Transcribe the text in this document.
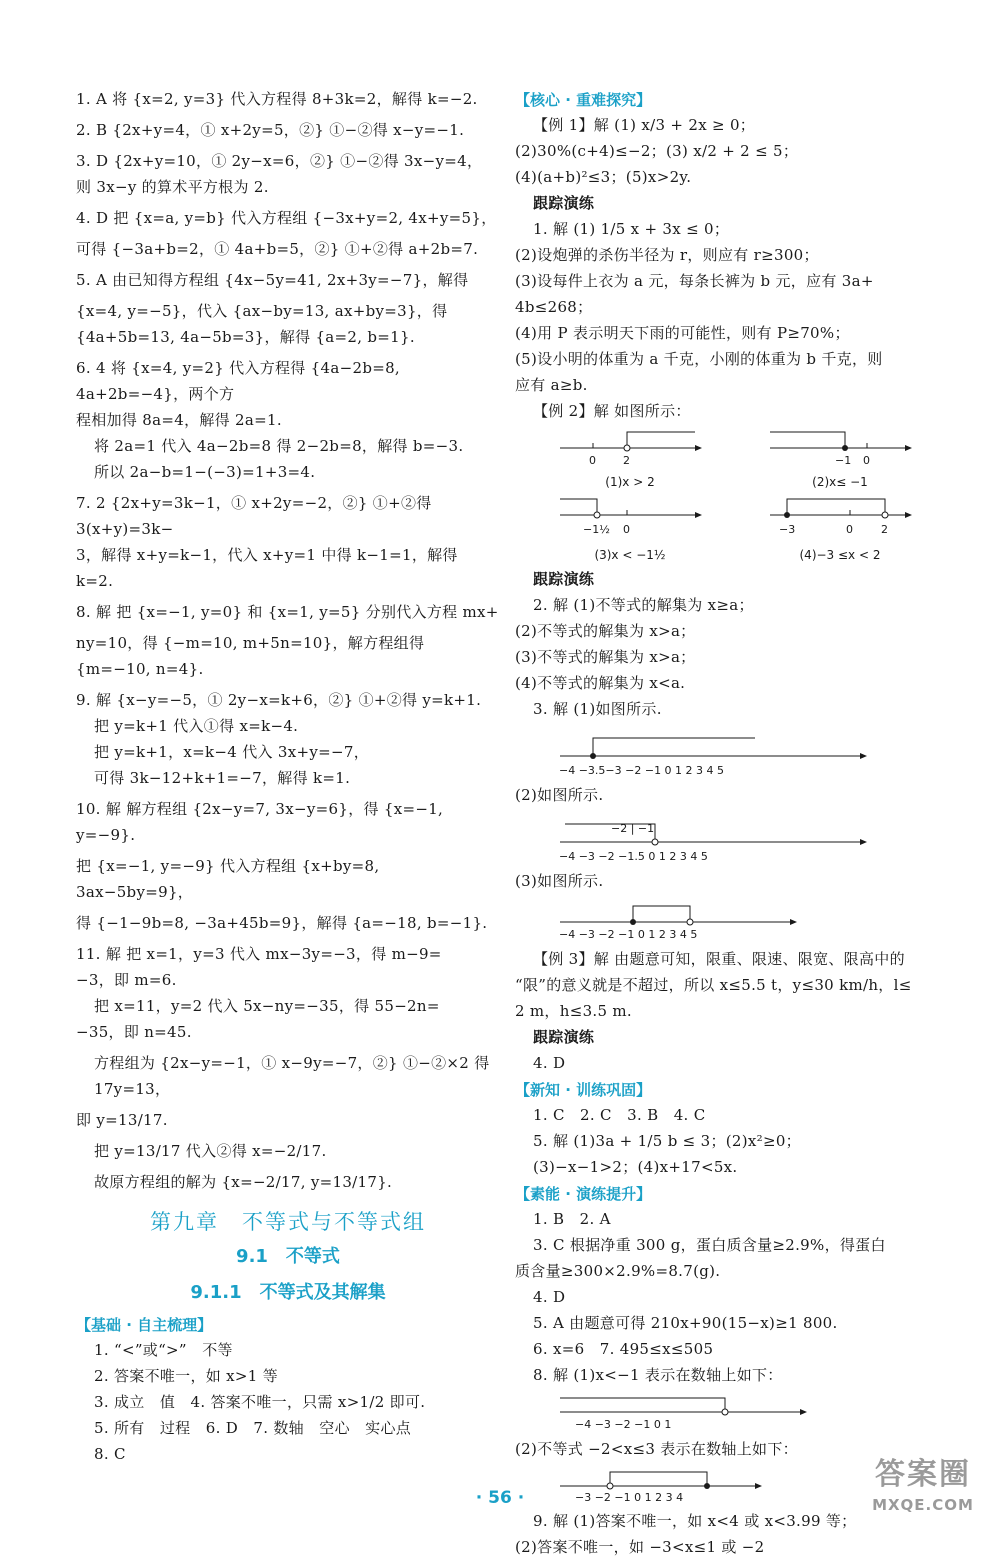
1. A 将 {x=2, y=3} 代入方程得 8+3k=2，解得 k=−2.
2. B {2x+y=4，① x+2y=5，②} ①−②得 x−y=−1.
3. D {2x+y=10，① 2y−x=6，②} ①−②得 3x−y=4，
则 3x−y 的算术平方根为 2.
4. D 把 {x=a, y=b} 代入方程组 {−3x+y=2, 4x+y=5}，
可得 {−3a+b=2，① 4a+b=5，②} ①+②得 a+2b=7.
5. A 由已知得方程组 {4x−5y=41, 2x+3y=−7}，解得
{x=4, y=−5}，代入 {ax−by=13, ax+by=3}，得 {4a+5b=13, 4a−5b=3}，解得 {a=2, b=1}.
6. 4 将 {x=4, y=2} 代入方程得 {4a−2b=8, 4a+2b=−4}，两个方
程相加得 8a=4，解得 2a=1.
将 2a=1 代入 4a−2b=8 得 2−2b=8，解得 b=−3.
所以 2a−b=1−(−3)=1+3=4.
7. 2 {2x+y=3k−1，① x+2y=−2，②} ①+②得 3(x+y)=3k−
3，解得 x+y=k−1，代入 x+y=1 中得 k−1=1，解得
k=2.
8. 解 把 {x=−1, y=0} 和 {x=1, y=5} 分别代入方程 mx+
ny=10，得 {−m=10, m+5n=10}，解方程组得 {m=−10, n=4}.
9. 解 {x−y=−5，① 2y−x=k+6，②} ①+②得 y=k+1.
把 y=k+1 代入①得 x=k−4.
把 y=k+1，x=k−4 代入 3x+y=−7，
可得 3k−12+k+1=−7，解得 k=1.
10. 解 解方程组 {2x−y=7, 3x−y=6}，得 {x=−1, y=−9}.
把 {x=−1, y=−9} 代入方程组 {x+by=8, 3ax−5by=9}，
得 {−1−9b=8, −3a+45b=9}，解得 {a=−18, b=−1}.
11. 解 把 x=1，y=3 代入 mx−3y=−3，得 m−9=
−3，即 m=6.
把 x=11，y=2 代入 5x−ny=−35，得 55−2n=
−35，即 n=45.
方程组为 {2x−y=−1，① x−9y=−7，②} ①−②×2 得 17y=13，
即 y=13/17.
把 y=13/17 代入②得 x=−2/17.
故原方程组的解为 {x=−2/17, y=13/17}.
第九章　不等式与不等式组
9.1　不等式
9.1.1　不等式及其解集
【基础 · 自主梳理】
1. “<”或“>”　不等
2. 答案不唯一，如 x>1 等
3. 成立　值　4. 答案不唯一，只需 x>1/2 即可.
5. 所有　过程　6. D　7. 数轴　空心　实心点
8. C
【核心 · 重难探究】
【例 1】解 (1) x/3 + 2x ≥ 0；
(2)30%(c+4)≤−2；(3) x/2 + 2 ≤ 5；
(4)(a+b)²≤3；(5)x>2y.
跟踪演练
1. 解 (1) 1/5 x + 3x ≤ 0；
(2)设炮弹的杀伤半径为 r，则应有 r≥300；
(3)设每件上衣为 a 元，每条长裤为 b 元，应有 3a+
4b≤268；
(4)用 P 表示明天下雨的可能性，则有 P≥70%；
(5)设小明的体重为 a 千克，小刚的体重为 b 千克，则
应有 a≥b.
【例 2】解 如图所示：
0 2
(1)x > 2
−1 0
(2)x≤ −1
−1½ 0
(3)x < −1½
−3	0	2
(4)−3 ≤x < 2
跟踪演练
2. 解 (1)不等式的解集为 x≥a；
(2)不等式的解集为 x>a；
(3)不等式的解集为 x>a；
(4)不等式的解集为 x<a.
3. 解 (1)如图所示.
−4 −3.5−3 −2 −1 0 1 2 3 4 5
(2)如图所示.
−2 | −1
−4 −3 −2 −1.5 0 1 2 3 4 5
(3)如图所示.
−4 −3 −2 −1 0 1 2 3 4 5
【例 3】解 由题意可知，限重、限速、限宽、限高中的
“限”的意义就是不超过，所以 x≤5.5 t，y≤30 km/h，l≤
2 m，h≤3.5 m.
跟踪演练
4. D
【新知 · 训练巩固】
1. C　2. C　3. B　4. C
5. 解 (1)3a + 1/5 b ≤ 3；(2)x²≥0；
(3)−x−1>2；(4)x+17<5x.
【素能 · 演练提升】
1. B　2. A
3. C 根据净重 300 g，蛋白质含量≥2.9%，得蛋白
质含量≥300×2.9%=8.7(g).
4. D
5. A 由题意可得 210x+90(15−x)≥1 800.
6. x=6　7. 495≤x≤505
8. 解 (1)x<−1 表示在数轴上如下：
−4 −3 −2 −1 0 1
(2)不等式 −2<x≤3 表示在数轴上如下：
−3 −2 −1 0 1 2 3 4
9. 解 (1)答案不唯一，如 x<4 或 x<3.99 等；
(2)答案不唯一，如 −3<x≤1 或 −2
· 56 ·
答案圈
MXQE.COM
